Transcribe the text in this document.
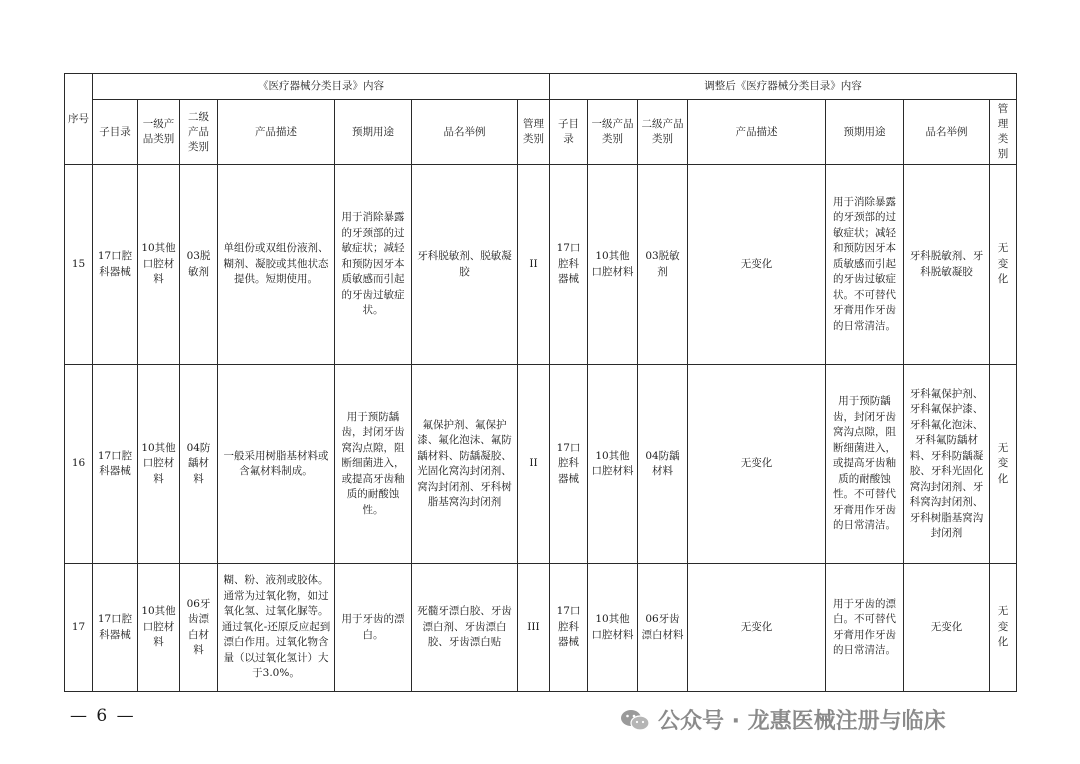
序号	《医疗器械分类目录》内容							调整后《医疗器械分类目录》内容						
	子目录	一级产品类别	二级产品类别	产品描述	预期用途	品名举例	管理类别	子目录	一级产品类别	二级产品类别	产品描述	预期用途	品名举例	管理类别
15	17口腔科器械	10其他口腔材料	03脱敏剂	单组份或双组份液剂、糊剂、凝胶或其他状态提供。短期使用。	用于消除暴露的牙颈部的过敏症状；减轻和预防因牙本质敏感而引起的牙齿过敏症状。	牙科脱敏剂、脱敏凝胶	II	17口腔科器械	10其他口腔材料	03脱敏剂	无变化	用于消除暴露的牙颈部的过敏症状；减轻和预防因牙本质敏感而引起的牙齿过敏症状。不可替代牙膏用作牙齿的日常清洁。	牙科脱敏剂、牙科脱敏凝胶	无变化
16	17口腔科器械	10其他口腔材料	04防龋材料	一般采用树脂基材料或含氟材料制成。	用于预防龋齿，封闭牙齿窝沟点隙，阻断细菌进入，或提高牙齿釉质的耐酸蚀性。	氟保护剂、氟保护漆、氟化泡沫、氟防龋材料、防龋凝胶、光固化窝沟封闭剂、窝沟封闭剂、牙科树脂基窝沟封闭剂	II	17口腔科器械	10其他口腔材料	04防龋材料	无变化	用于预防龋齿，封闭牙齿窝沟点隙，阻断细菌进入，或提高牙齿釉质的耐酸蚀性。不可替代牙膏用作牙齿的日常清洁。	牙科氟保护剂、牙科氟保护漆、牙科氟化泡沫、牙科氟防龋材料、牙科防龋凝胶、牙科光固化窝沟封闭剂、牙科窝沟封闭剂、牙科树脂基窝沟封闭剂	无变化
17	17口腔科器械	10其他口腔材料	06牙齿漂白材料	糊、粉、液剂或胶体。通常为过氧化物，如过氧化氢、过氧化脲等。通过氧化-还原反应起到漂白作用。过氧化物含量（以过氧化氢计）大于3.0%。	用于牙齿的漂白。	死髓牙漂白胶、牙齿漂白剂、牙齿漂白胶、牙齿漂白贴	III	17口腔科器械	10其他口腔材料	06牙齿漂白材料	无变化	用于牙齿的漂白。不可替代牙膏用作牙齿的日常清洁。	无变化	无变化
— 6 —	公众号 · 龙惠医械注册与临床
